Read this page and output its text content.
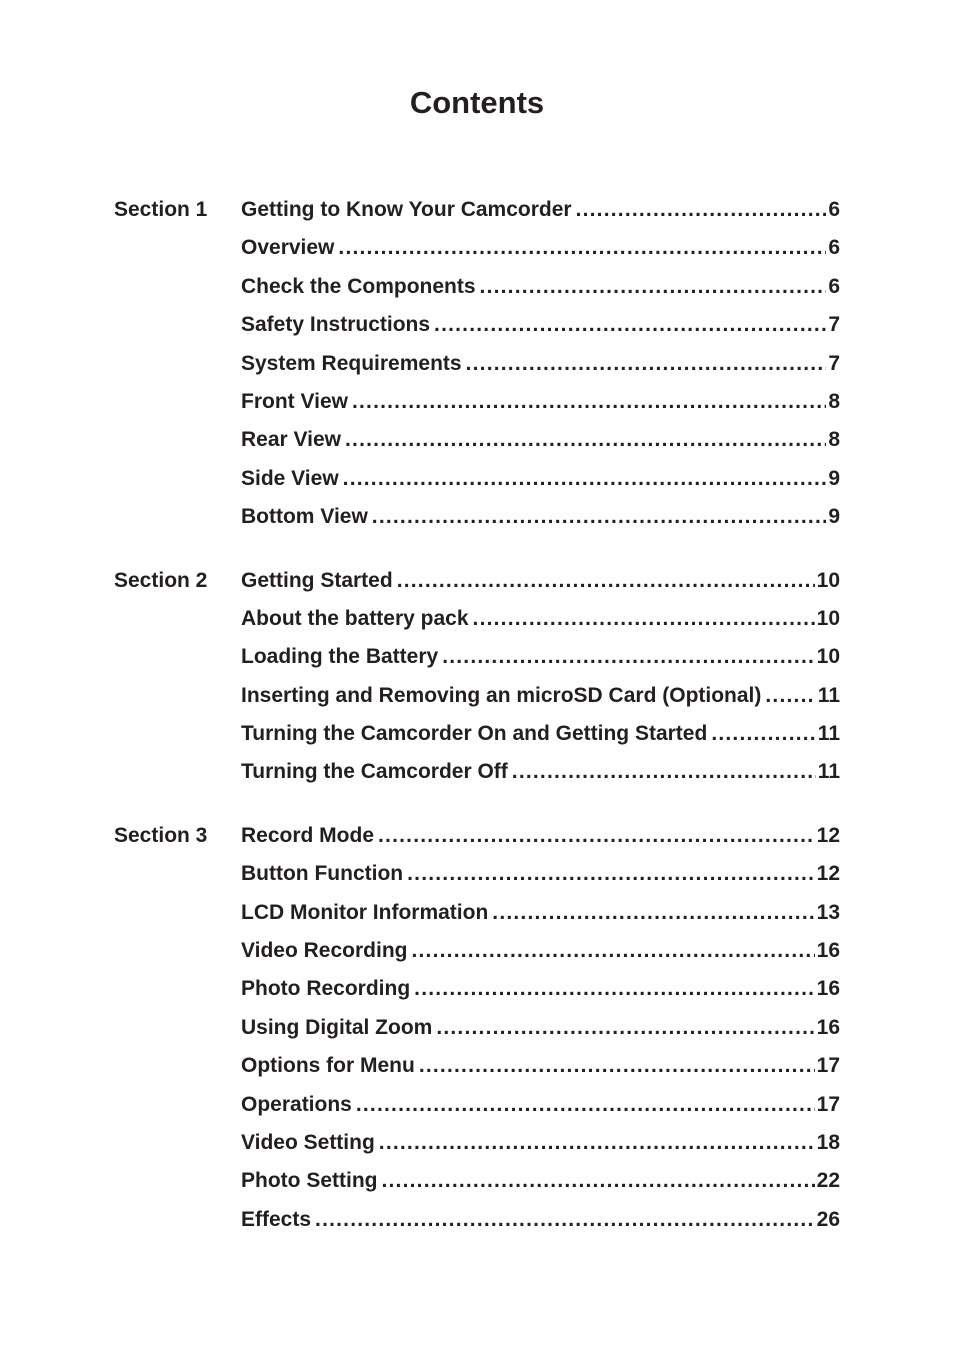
Contents
Section 1 Getting to Know Your Camcorder .....	6
Overview .....	6
Check the Components .....	6
Safety Instructions .....	7
System Requirements .....	7
Front View .....	8
Rear View .....	8
Side View .....	9
Bottom View .....	9
Section 2 Getting Started .....	10
About the battery pack .....	10
Loading the Battery .....	10
Inserting and Removing an microSD Card (Optional) .....	11
Turning the Camcorder On and Getting Started .....	11
Turning the Camcorder Off .....	11
Section 3 Record Mode .....	12
Button Function .....	12
LCD Monitor Information .....	13
Video Recording .....	16
Photo Recording .....	16
Using Digital Zoom .....	16
Options for Menu .....	17
Operations .....	17
Video Setting .....	18
Photo Setting .....	22
Effects .....	26
